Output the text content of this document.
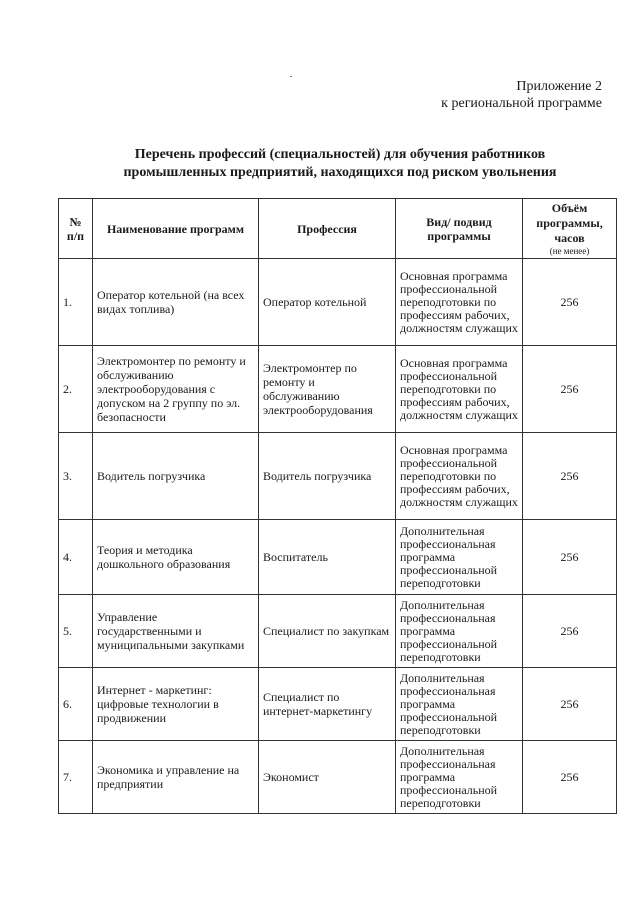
Приложение 2
к региональной программе
Перечень профессий (специальностей) для обучения работников
промышленных предприятий, находящихся под риском увольнения
№ п/п	Наименование программ	Профессия	Вид/ подвид программы	Объём программы, часов
(не менее)

1.	Оператор котельной (на всех видах топлива)	Оператор котельной	Основная программа профессиональной переподготовки по профессиям рабочих, должностям служащих	256
2.	Электромонтер по ремонту и обслуживанию электрооборудования с допуском на 2 группу по эл. безопасности	Электромонтер по ремонту и обслуживанию электрооборудования	Основная программа профессиональной переподготовки по профессиям рабочих, должностям служащих	256
3.	Водитель погрузчика	Водитель погрузчика	Основная программа профессиональной переподготовки по профессиям рабочих, должностям служащих	256
4.	Теория и методика дошкольного образования	Воспитатель	Дополнительная профессиональная программа профессиональной переподготовки	256
5.	Управление государственными и муниципальными закупками	Специалист по закупкам	Дополнительная профессиональная программа профессиональной переподготовки	256
6.	Интернет - маркетинг: цифровые технологии в продвижении	Специалист по интернет-маркетингу	Дополнительная профессиональная программа профессиональной переподготовки	256
7.	Экономика и управление на предприятии	Экономист	Дополнительная профессиональная программа профессиональной переподготовки	256
